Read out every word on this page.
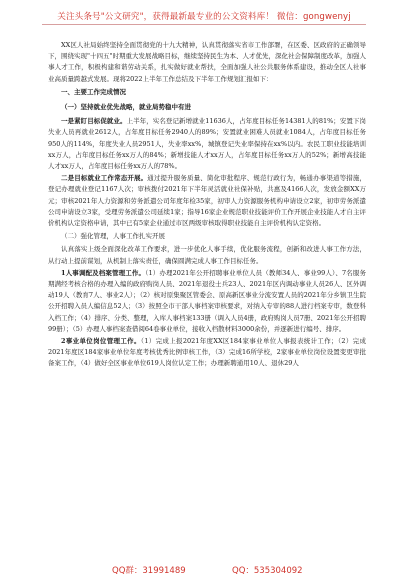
关注头条号"公文研究"，获得最新最专业的公文资料库！ 微信：gongwenyj

XX区人社局始终坚持全面贯彻党的十九大精神，认真贯彻落实省市工作部署，在区委、区政府的正确领导下，围绕实现"十四五"时期重大发展战略目标，继续坚持民生为本、人才优先，深化社会保障制度改革，加强人事人才工作，积极构建和谐劳动关系，扎实做好就业帮扶，全面加强人社公共服务体系建设，推动全区人社事业高质量跨越式发展。现将2022上半年工作总结及下半年工作规划汇报如下：

一、主要工作完成情况

（一）坚持就业优先战略，就业局势稳中有进

一是紧盯目标促就业。上半年，实名登记新增就业11636人，占年度目标任务14381人的81%；安置下岗失业人员再就业2612人，占年度目标任务2940人的89%；安置就业困难人员就业1084人，占年度目标任务950人的114%，年度失业人员2951人，失业率xx%，城镇登记失业率保持在xx%以内。农民工职业技能培训xx万人，占年度目标任务xx万人的84%；新增技能人才xx万人，占年度目标任务xx万人的52%；新增高技能人才xx万人，占年度目标任务xx万人的78%。

二是目标就业工作常态开展。通过提升服务质量、简化审批程序、规范行政行为，畅通办事渠道等措施，登记办理就业登记1167人次；审核拨付2021年下半年灵活就业社保补贴，共惠及4166人次，发放金额XX万元；审核2021年人力资源和劳务派遣公司年度年检35家，初审人力资源服务机构申请设立2家，初审劳务派遣公司申请设立3家，受理劳务派遣公司延续1家；指导16家企业规范职业技能评价工作开展企业技能人才自主评价机构认定资格申请，其中已有5家企业通过市区两级审核取得职业技能自主评价机构认定资格。

（二）强化管理，人事工作扎实开展

认真落实上级全面深化改革工作要求，进一步优化人事手续，优化服务流程，创新和改进人事工作方法，从行动上提前谋划，从机制上落实责任，确保圆满完成人事工作目标任务。

1人事调配及档案管理工作。（1）办理2021年公开招聘事业单位人员（教师34人、事业99人）、7名服务期满经考核合格的办理入编的政府购岗人员、2021年退役士兵23人、2021年区内调动事业人员26人、区外调动19人（教育7人、事业2人）；（2）核对原集聚区管委会、原高新区事业分流安置人员的2021年分乡镇卫生院公开招聘入员人编信息52人；（3）按照全市干部人事档案审核要求，对纳入专审的88人进行档案专审，数登科入档工作；（4）排序、分类、整理，入库人事档案133册（调入人员4册，政府购岗人员7册、2021年公开招聘99册）；（5）办理人事档案查借阅64卷事业单位，接收入档散材料3000余份，并逐新进行编号、排序。

2事业单位岗位管理工作。（1）完成上报2021年度XX区184家事业单位人事报表统计工作；（2）完成2021年度区184家事业单位年度考核优秀比例审核工作，（3）完成16所学校，2家事业单位岗位设置变更审批备案工作，（4）做好全区事业单位619人岗位认定工作；办理新聘通用10人、退休29人

QQ群：31991489	QQ：535304092
